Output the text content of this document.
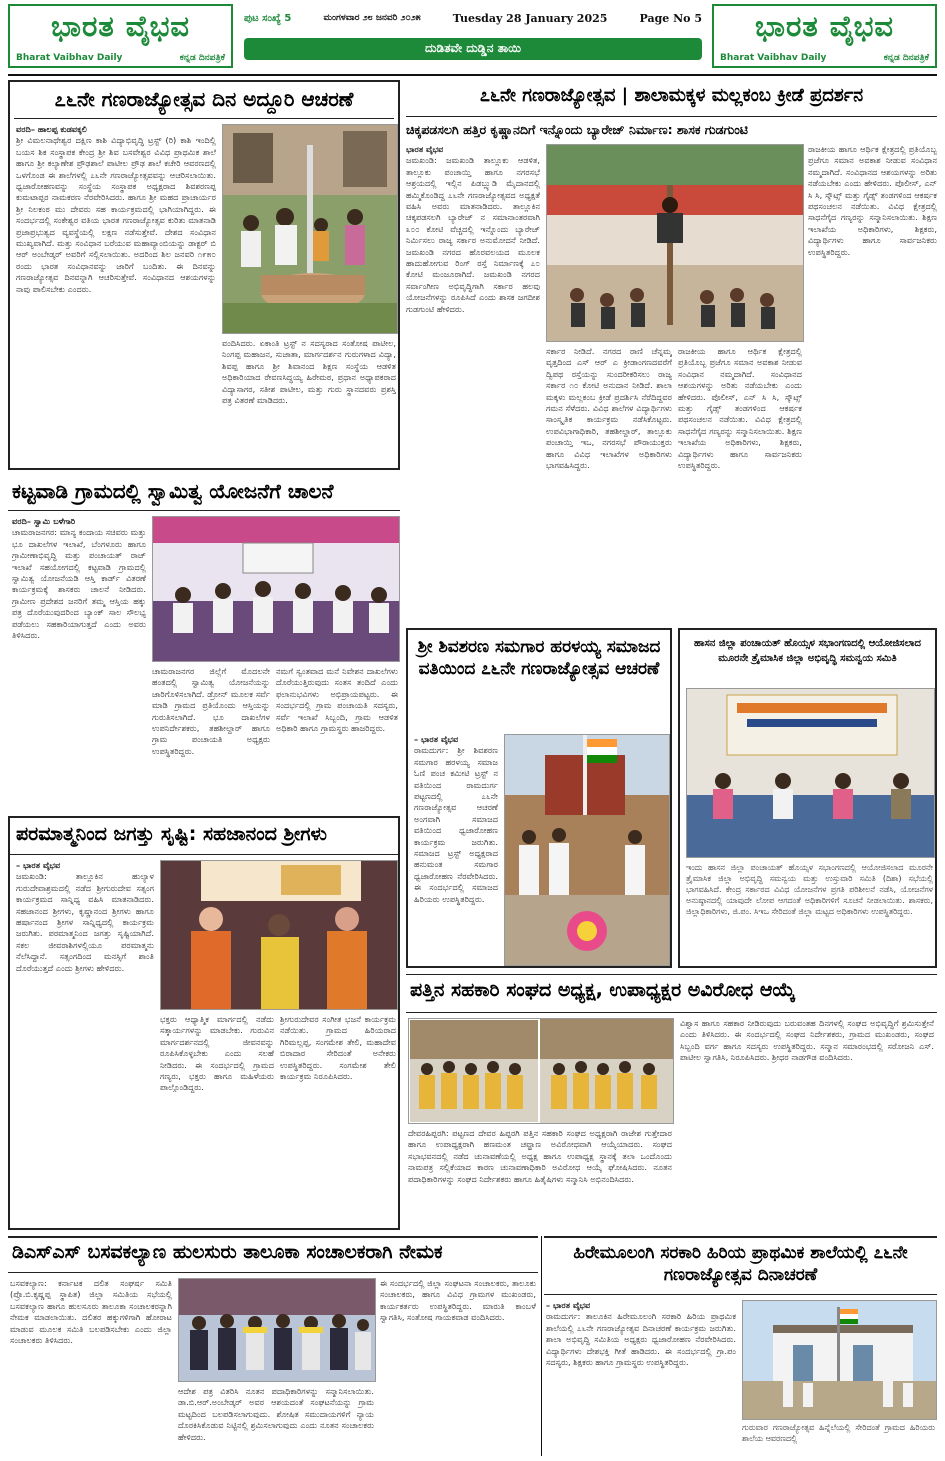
ಭಾರತ ವೈಭವ
Bharat Vaibhav Daily	ಕನ್ನಡ ದಿನಪತ್ರಿಕೆ
ಭಾರತ ವೈಭವ
Bharat Vaibhav Daily	ಕನ್ನಡ ದಿನಪತ್ರಿಕೆ
ಪುಟ ಸಂಖ್ಯೆ 5	ಮಂಗಳವಾರ ೨೮ ಜನವರಿ ೨೦೨೫	Tuesday 28 January 2025	Page No 5
ದುಡಿತವೇ ದುಡ್ಡಿನ ತಾಯಿ
೭೬ನೇ ಗಣರಾಜ್ಯೋತ್ಸವ ದಿನ ಅದ್ದೂರಿ ಆಚರಣೆ
ವರದಿ– ಹಾಲಪ್ಪ ಕುಡವಕ್ಕಲಿ
ಶ್ರೀ ವಿಮಲನಾಥೇಶ್ವರ ದಕ್ಷಿಣ ಕಾಶಿ ವಿದ್ಯಾಭಿವೃದ್ಧಿ ಟ್ರಸ್ಟ್ (ರಿ) ಕಾಶಿ ಇಂದಿಲ್ಲಿ ಬಯಸ ಶಿಕ ಸಂಸ್ಥಾಪಕ ಕೇಂದ್ರ ಶ್ರೀ ಶಿವ ಬಸವೇಶ್ವರ ವಿವಿಧ ಪ್ರಾಥಮಿಕ ಶಾಲೆ ಹಾಗೂ ಶ್ರೀ ಕಲ್ಯಾಣೇಶ ಪ್ರೌಢಶಾಲೆ ಪಾಟೀಲ ಪ್ರೌಢ ಶಾಲೆ ಕಚೇರಿ ಆವರಣದಲ್ಲಿ ಒಳಗೊಂಡ ಈ ಶಾಲೆಗಳಲ್ಲಿ ೭೬ನೇ ಗಣರಾಜ್ಯೋತ್ಸವವನ್ನು ಆಚರಿಸಲಾಯಿತು. ಧ್ವಜಾರೋಹಣವನ್ನು ಸಂಸ್ಥೆಯ ಸಂಸ್ಥಾಪಕ ಅಧ್ಯಕ್ಷರಾದ ಶಿವಶರಣಪ್ಪ ಕುಮಟಾಪ್ಪರ ನಾಮಕರಣ ನೆರವೇರಿಸಿದರು. ಹಾಗೂ ಶ್ರೀ ಮಹದ ಪ್ರಾಚಾರ್ಯರ ಶ್ರೀ ನಿಲಕಂಠ ಮು ದೇವರು ಸಹ ಕಾರ್ಯಕ್ರಮದಲ್ಲಿ ಭಾಗಿಯಾಗಿದ್ದರು. ಈ ಸಂದರ್ಭದಲ್ಲಿ ಸಂಕೇಶ್ವರ ವತಿಯ ಭಾರತ ಗಣರಾಜ್ಯೋತ್ಸವ ಕುರಿತು ಮಾತನಾಡಿ ಪ್ರಜಾಪ್ರಭುತ್ವದ ವ್ಯವಸ್ಥೆಯಲ್ಲಿ ಲಕ್ಷಣ ನಡೆಸುತ್ತೇವೆ. ದೇಶದ ಸಂವಿಧಾನ ಮುಖ್ಯವಾಗಿದೆ. ಮತ್ತು ಸಂವಿಧಾನ ಬರೆಯುವ ಮಹಾವ್ಯಾಂಬಿಯನ್ನು ಡಾಕ್ಟರ್ ಬಿ ಆರ್ ಅಂಬೇಡ್ಕರ್ ಅವರಿಗೆ ಸಲ್ಲಿಸಲಾಯಿತು. ಅದರಿಂದ ಶಿಲ ಜನವರಿ ೧೯೫೦ ರಂದು ಭಾರತ ಸಂವಿಧಾನವನ್ನು ಜಾರಿಗೆ ಬಂದಿತು. ಈ ದಿನವನ್ನು ಗಣರಾಜ್ಯೋತ್ಸವ ದಿನವನ್ನಾಗಿ ಆಚರಿಸುತ್ತೇವೆ. ಸಂವಿಧಾನದ ಆಶಯಗಳನ್ನು ನಾವು ಪಾಲಿಸಬೇಕು ಎಂದರು.
ವಂದಿಸಿದರು. ಏಕಾಂತಿ ಟ್ರಸ್ಟ್ ನ ಸದಸ್ಯರಾದ ಸಂತೋಷ ಪಾಟೀಲ, ನಿಂಗಪ್ಪ ಮಹಾಜನ, ಸುಜಾತಾ, ಮಾರ್ಗದರ್ಶನ ಗುರುಗಳಾದ ವಿದ್ಯಾ, ಶಿವಪ್ಪ ಹಾಗೂ ಶ್ರೀ ಶಿವಾನಂದ ಶಿಕ್ಷಣ ಸಂಸ್ಥೆಯ ಆಡಳಿತ ಅಧಿಕಾರಿಯಾದ ರೇವಣಸಿದ್ಧಯ್ಯ ಹಿರೇಮಠ, ಪ್ರಧಾನ ಅಧ್ಯಾಪಕರಾದ ವಿದ್ಯಾಸಾಗರ, ಸತೀಶ ಪಾಟೀಲ, ಮತ್ತು ಗುರು ಸ್ಥಾನದವರು ಪ್ರಶಸ್ತಿ ಪತ್ರ ವಿತರಣೆ ಮಾಡಿದರು.
೭೬ನೇ ಗಣರಾಜ್ಯೋತ್ಸವ | ಶಾಲಾಮಕ್ಕಳ ಮಲ್ಲಕಂಬ ಕ್ರೀಡೆ ಪ್ರದರ್ಶನ
ಚಿಕ್ಕಪಡಸಲಗಿ ಹತ್ತಿರ ಕೃಷ್ಣಾನದಿಗೆ ಇನ್ನೊಂದು ಬ್ಯಾರೇಜ್ ನಿರ್ಮಾಣ: ಶಾಸಕ ಗುಡಗುಂಟಿ
ಭಾರತ ವೈಭವ
ಜಮಖಂಡಿ: ಜಮಖಂಡಿ ತಾಲ್ಲೂಕು ಆಡಳಿತ, ತಾಲ್ಲೂಕು ಪಂಚಾಯ್ತಿ ಹಾಗೂ ನಗರಸಭೆ ಆಶ್ರಯದಲ್ಲಿ ಇಲ್ಲಿನ ಪಿಡಬ್ಲ್ಯುಡಿ ಮೈದಾನದಲ್ಲಿ ಹಮ್ಮಿಕೊಂಡಿದ್ದ ೭೬ನೇ ಗಣರಾಜ್ಯೋತ್ಸವದ ಅಧ್ಯಕ್ಷತೆ ವಹಿಸಿ ಅವರು ಮಾತನಾಡಿದರು. ತಾಲ್ಲೂಕಿನ ಚಿಕ್ಕಪಡಸಲಗಿ ಬ್ಯಾರೇಜ್ ನ ಸಮಾನಾಂತರವಾಗಿ ೩೦೦ ಕೋಟಿ ವೆಚ್ಚದಲ್ಲಿ ಇನ್ನೊಂದು ಬ್ಯಾರೇಜ್ ನಿರ್ಮಿಸಲು ರಾಜ್ಯ ಸರ್ಕಾರ ಅನುಮೋದನೆ ನೀಡಿದೆ. ಜಮಖಂಡಿ ನಗರದ ಹೊರವಲಯದ ಮೂಲಕ ಹಾದುಹೋಗುವ ರಿಂಗ್ ರಸ್ತೆ ನಿರ್ಮಾಣಕ್ಕೆ ೭೦ ಕೋಟಿ ಮಂಜೂರಾಗಿದೆ. ಜಮಖಂಡಿ ನಗರದ ಸರ್ವಾಂಗೀಣ ಅಭಿವೃದ್ಧಿಗಾಗಿ ಸರ್ಕಾರ ಹಲವು ಯೋಜನೆಗಳನ್ನು ರೂಪಿಸಿದೆ ಎಂದು ಶಾಸಕ ಜಗದೀಶ ಗುಡಗುಂಟಿ ಹೇಳಿದರು.
ಸರ್ಕಾರ ನೀಡಿದೆ. ನಗರದ ರಾಣಿ ಚೆನ್ನಮ್ಮ ವೃತ್ತದಿಂದ ಎಸ್ ಆರ್ ಎ ಕ್ರೀಡಾಂಗಣದವರೆಗೆ ದ್ವಿಪಥ ರಸ್ತೆಯನ್ನು ಸುಂದರೀಕರಿಸಲು ರಾಜ್ಯ ಸರ್ಕಾರ ೧೦ ಕೋಟಿ ಅನುದಾನ ನೀಡಿದೆ. ಶಾಲಾ ಮಕ್ಕಳು ಮಲ್ಲಕಂಬ ಕ್ರೀಡೆ ಪ್ರದರ್ಶಿಸಿ ನೆರೆದಿದ್ದವರ ಗಮನ ಸೆಳೆದರು. ವಿವಿಧ ಶಾಲೆಗಳ ವಿದ್ಯಾರ್ಥಿಗಳು ಸಾಂಸ್ಕೃತಿಕ ಕಾರ್ಯಕ್ರಮ ನಡೆಸಿಕೊಟ್ಟರು. ಉಪವಿಭಾಗಾಧಿಕಾರಿ, ತಹಶೀಲ್ದಾರ್, ತಾಲ್ಲೂಕು ಪಂಚಾಯ್ತಿ ಇಒ, ನಗರಸಭೆ ಪೌರಾಯುಕ್ತರು ಹಾಗೂ ವಿವಿಧ ಇಲಾಖೆಗಳ ಅಧಿಕಾರಿಗಳು ಭಾಗವಹಿಸಿದ್ದರು.
ರಾಜಕೀಯ ಹಾಗೂ ಆರ್ಥಿಕ ಕ್ಷೇತ್ರದಲ್ಲಿ ಪ್ರತಿಯೊಬ್ಬ ಪ್ರಜೆಗೂ ಸಮಾನ ಅವಕಾಶ ನೀಡುವ ಸಂವಿಧಾನ ನಮ್ಮದಾಗಿದೆ. ಸಂವಿಧಾನದ ಆಶಯಗಳನ್ನು ಅರಿತು ನಡೆಯಬೇಕು ಎಂದು ಹೇಳಿದರು. ಪೊಲೀಸ್, ಎನ್ ಸಿ ಸಿ, ಸ್ಕೌಟ್ಸ್ ಮತ್ತು ಗೈಡ್ಸ್ ತಂಡಗಳಿಂದ ಆಕರ್ಷಕ ಪಥಸಂಚಲನ ನಡೆಯಿತು. ವಿವಿಧ ಕ್ಷೇತ್ರದಲ್ಲಿ ಸಾಧನೆಗೈದ ಗಣ್ಯರನ್ನು ಸನ್ಮಾನಿಸಲಾಯಿತು. ಶಿಕ್ಷಣ ಇಲಾಖೆಯ ಅಧಿಕಾರಿಗಳು, ಶಿಕ್ಷಕರು, ವಿದ್ಯಾರ್ಥಿಗಳು ಹಾಗೂ ಸಾರ್ವಜನಿಕರು ಉಪಸ್ಥಿತರಿದ್ದರು.
ರಾಜಕೀಯ ಹಾಗೂ ಆರ್ಥಿಕ ಕ್ಷೇತ್ರದಲ್ಲಿ ಪ್ರತಿಯೊಬ್ಬ ಪ್ರಜೆಗೂ ಸಮಾನ ಅವಕಾಶ ನೀಡುವ ಸಂವಿಧಾನ ನಮ್ಮದಾಗಿದೆ. ಸಂವಿಧಾನದ ಆಶಯಗಳನ್ನು ಅರಿತು ನಡೆಯಬೇಕು ಎಂದು ಹೇಳಿದರು. ಪೊಲೀಸ್, ಎನ್ ಸಿ ಸಿ, ಸ್ಕೌಟ್ಸ್ ಮತ್ತು ಗೈಡ್ಸ್ ತಂಡಗಳಿಂದ ಆಕರ್ಷಕ ಪಥಸಂಚಲನ ನಡೆಯಿತು. ವಿವಿಧ ಕ್ಷೇತ್ರದಲ್ಲಿ ಸಾಧನೆಗೈದ ಗಣ್ಯರನ್ನು ಸನ್ಮಾನಿಸಲಾಯಿತು. ಶಿಕ್ಷಣ ಇಲಾಖೆಯ ಅಧಿಕಾರಿಗಳು, ಶಿಕ್ಷಕರು, ವಿದ್ಯಾರ್ಥಿಗಳು ಹಾಗೂ ಸಾರ್ವಜನಿಕರು ಉಪಸ್ಥಿತರಿದ್ದರು.
ಕಟ್ಟವಾಡಿ ಗ್ರಾಮದಲ್ಲಿ ಸ್ವಾಮಿತ್ವ ಯೋಜನೆಗೆ ಚಾಲನೆ
ವರದಿ– ಸ್ವಾಮಿ ಬಳೆಗಾರಿ
ಚಾಮರಾಜನಗರ: ಮಾನ್ಯ ಕಂದಾಯ ಸಚಿವರು ಮತ್ತು ಭೂ ದಾಖಲೆಗಳ ಇಲಾಖೆ, ಬೆಂಗಳೂರು ಹಾಗೂ ಗ್ರಾಮೀಣಾಭಿವೃದ್ಧಿ ಮತ್ತು ಪಂಚಾಯತ್ ರಾಜ್ ಇಲಾಖೆ ಸಹಯೋಗದಲ್ಲಿ ಕಟ್ಟವಾಡಿ ಗ್ರಾಮದಲ್ಲಿ ಸ್ವಾಮಿತ್ವ ಯೋಜನೆಯಡಿ ಆಸ್ತಿ ಕಾರ್ಡ್ ವಿತರಣೆ ಕಾರ್ಯಕ್ರಮಕ್ಕೆ ಶಾಸಕರು ಚಾಲನೆ ನೀಡಿದರು. ಗ್ರಾಮೀಣ ಪ್ರದೇಶದ ಜನರಿಗೆ ತಮ್ಮ ಆಸ್ತಿಯ ಹಕ್ಕು ಪತ್ರ ದೊರೆಯುವುದರಿಂದ ಬ್ಯಾಂಕ್ ಸಾಲ ಸೌಲಭ್ಯ ಪಡೆಯಲು ಸಹಕಾರಿಯಾಗುತ್ತದೆ ಎಂದು ಅವರು ತಿಳಿಸಿದರು.
ಚಾಮರಾಜನಗರ ಜಿಲ್ಲೆಗೆ ಮೊದಲನೇ ಹಂತದಲ್ಲಿ ಸ್ವಾಮಿತ್ವ ಯೋಜನೆಯನ್ನು ಜಾರಿಗೊಳಿಸಲಾಗಿದೆ. ಡ್ರೋನ್ ಮೂಲಕ ಸರ್ವೆ ಮಾಡಿ ಗ್ರಾಮದ ಪ್ರತಿಯೊಂದು ಆಸ್ತಿಯನ್ನು ಗುರುತಿಸಲಾಗಿದೆ. ಭೂ ದಾಖಲೆಗಳ ಉಪನಿರ್ದೇಶಕರು, ತಹಶೀಲ್ದಾರ್ ಹಾಗೂ ಗ್ರಾಮ ಪಂಚಾಯತಿ ಅಧ್ಯಕ್ಷರು ಉಪಸ್ಥಿತರಿದ್ದರು.
ನಮಗೆ ಸ್ವಂತವಾದ ಮನೆ ನಿವೇಶನ ದಾಖಲೆಗಳು ದೊರೆಯುತ್ತಿರುವುದು ಸಂತಸ ತಂದಿದೆ ಎಂದು ಫಲಾನುಭವಿಗಳು ಅಭಿಪ್ರಾಯಪಟ್ಟರು. ಈ ಸಂದರ್ಭದಲ್ಲಿ ಗ್ರಾಮ ಪಂಚಾಯತಿ ಸದಸ್ಯರು, ಸರ್ವೆ ಇಲಾಖೆ ಸಿಬ್ಬಂದಿ, ಗ್ರಾಮ ಆಡಳಿತ ಅಧಿಕಾರಿ ಹಾಗೂ ಗ್ರಾಮಸ್ಥರು ಹಾಜರಿದ್ದರು.
ಪರಮಾತ್ಮನಿಂದ ಜಗತ್ತು ಸೃಷ್ಟಿ: ಸಹಜಾನಂದ ಶ್ರೀಗಳು
– ಭಾರತ ವೈಭವ
ಜಮಖಂಡಿ: ತಾಲ್ಲೂಕಿನ ಹುಲ್ಯಾಳ ಗುರುದೇವಾಶ್ರಮದಲ್ಲಿ ನಡೆದ ಶ್ರೀಗುರುದೇವ ಸತ್ಸಂಗ ಕಾರ್ಯಕ್ರಮದ ಸಾನ್ನಿಧ್ಯ ವಹಿಸಿ ಮಾತನಾಡಿದರು. ಸಹಜಾನಂದ ಶ್ರೀಗಳು, ಕೃಷ್ಣಾನಂದ ಶ್ರೀಗಳು ಹಾಗೂ ಹರ್ಷಾನಂದ ಶ್ರೀಗಳ ಸಾನ್ನಿಧ್ಯದಲ್ಲಿ ಕಾರ್ಯಕ್ರಮ ಜರುಗಿತು. ಪರಮಾತ್ಮನಿಂದ ಜಗತ್ತು ಸೃಷ್ಟಿಯಾಗಿದೆ. ಸಕಲ ಜೀವರಾಶಿಗಳಲ್ಲಿಯೂ ಪರಮಾತ್ಮನು ನೆಲೆಸಿದ್ದಾನೆ. ಸತ್ಸಂಗದಿಂದ ಮನಸ್ಸಿಗೆ ಶಾಂತಿ ದೊರೆಯುತ್ತದೆ ಎಂದು ಶ್ರೀಗಳು ಹೇಳಿದರು.
ಭಕ್ತರು ಆಧ್ಯಾತ್ಮಿಕ ಮಾರ್ಗದಲ್ಲಿ ನಡೆದು ಸತ್ಕಾರ್ಯಗಳನ್ನು ಮಾಡಬೇಕು. ಗುರುವಿನ ಮಾರ್ಗದರ್ಶನದಲ್ಲಿ ಜೀವನವನ್ನು ರೂಪಿಸಿಕೊಳ್ಳಬೇಕು ಎಂದು ಸಲಹೆ ನೀಡಿದರು. ಈ ಸಂದರ್ಭದಲ್ಲಿ ಗ್ರಾಮದ ಗಣ್ಯರು, ಭಕ್ತರು ಹಾಗೂ ಮಹಿಳೆಯರು ಪಾಲ್ಗೊಂಡಿದ್ದರು.
ಶ್ರೀಗುರುದೇವರ ಸಂಗೀತ ಭಜನೆ ಕಾರ್ಯಕ್ರಮ ನಡೆಯಿತು. ಗ್ರಾಮದ ಹಿರಿಯರಾದ ಗಿರಿಮಲ್ಲಪ್ಪ, ಸಂಗಮೇಶ ತೇಲಿ, ಮಹಾದೇವ ಬಿರಾದಾರ ಸೇರಿದಂತೆ ಅನೇಕರು ಉಪಸ್ಥಿತರಿದ್ದರು. ಸಂಗಮೇಶ ತೇಲಿ ಕಾರ್ಯಕ್ರಮ ನಿರೂಪಿಸಿದರು.
ಶ್ರೀ ಶಿವಶರಣ ಸಮಗಾರ ಹರಳಯ್ಯ ಸಮಾಜದ ವತಿಯಿಂದ ೭೬ನೇ ಗಣರಾಜ್ಯೋತ್ಸವ ಆಚರಣೆ
– ಭಾರತ ವೈಭವ
ರಾಮದುರ್ಗ: ಶ್ರೀ ಶಿವಶರಣ ಸಮಗಾರ ಹರಳಯ್ಯ ಸಮಾಜ ಓಣಿ ಪಂಚ ಕಮೀಟಿ ಟ್ರಸ್ಟ್ ನ ವತಿಯಿಂದ ರಾಮದುರ್ಗ ಪಟ್ಟಣದಲ್ಲಿ ೭೬ನೇ ಗಣರಾಜ್ಯೋತ್ಸವ ಆಚರಣೆ ಅಂಗವಾಗಿ ಸಮಾಜದ ವತಿಯಿಂದ ಧ್ವಜಾರೋಹಣ ಕಾರ್ಯಕ್ರಮ ಜರುಗಿತು. ಸಮಾಜದ ಟ್ರಸ್ಟ್ ಅಧ್ಯಕ್ಷರಾದ ಹನುಮಂತ ಸಮಗಾರ ಧ್ವಜಾರೋಹಣ ನೆರವೇರಿಸಿದರು. ಈ ಸಂದರ್ಭದಲ್ಲಿ ಸಮಾಜದ ಹಿರಿಯರು ಉಪಸ್ಥಿತರಿದ್ದರು.
ಹಾಸನ ಜಿಲ್ಲಾ ಪಂಚಾಯತ್ ಹೊಯ್ಸಳ ಸಭಾಂಗಣದಲ್ಲಿ ಆಯೋಜಿಸಲಾದ ಮೂರನೇ ತ್ರೈಮಾಸಿಕ ಜಿಲ್ಲಾ ಅಭಿವೃದ್ಧಿ ಸಮನ್ವಯ ಸಮಿತಿ
ಇಂದು ಹಾಸನ ಜಿಲ್ಲಾ ಪಂಚಾಯತ್ ಹೊಯ್ಸಳ ಸಭಾಂಗಣದಲ್ಲಿ ಆಯೋಜಿಸಲಾದ ಮೂರನೇ ತ್ರೈಮಾಸಿಕ ಜಿಲ್ಲಾ ಅಭಿವೃದ್ಧಿ ಸಮನ್ವಯ ಮತ್ತು ಉಸ್ತುವಾರಿ ಸಮಿತಿ (ದಿಶಾ) ಸಭೆಯಲ್ಲಿ ಭಾಗವಹಿಸಿದೆ. ಕೇಂದ್ರ ಸರ್ಕಾರದ ವಿವಿಧ ಯೋಜನೆಗಳ ಪ್ರಗತಿ ಪರಿಶೀಲನೆ ನಡೆಸಿ, ಯೋಜನೆಗಳ ಅನುಷ್ಠಾನದಲ್ಲಿ ಯಾವುದೇ ಲೋಪ ಆಗದಂತೆ ಅಧಿಕಾರಿಗಳಿಗೆ ಸೂಚನೆ ನೀಡಲಾಯಿತು. ಶಾಸಕರು, ಜಿಲ್ಲಾಧಿಕಾರಿಗಳು, ಜಿ.ಪಂ. ಸಿಇಒ ಸೇರಿದಂತೆ ಜಿಲ್ಲಾ ಮಟ್ಟದ ಅಧಿಕಾರಿಗಳು ಉಪಸ್ಥಿತರಿದ್ದರು.
ಪತ್ತಿನ ಸಹಕಾರಿ ಸಂಘದ ಅಧ್ಯಕ್ಷ, ಉಪಾಧ್ಯಕ್ಷರ ಅವಿರೋಧ ಆಯ್ಕೆ
ದೇವರಹಿಪ್ಪರಗಿ: ಪಟ್ಟಣದ ದೇವರ ಹಿಪ್ಪರಗಿ ಪತ್ತಿನ ಸಹಕಾರಿ ಸಂಘದ ಅಧ್ಯಕ್ಷರಾಗಿ ರಾಜೇಶ ಗುತ್ತೇದಾರ ಹಾಗೂ ಉಪಾಧ್ಯಕ್ಷರಾಗಿ ಹಣಮಂತ ಚವ್ಹಾಣ ಅವಿರೋಧವಾಗಿ ಆಯ್ಕೆಯಾದರು. ಸಂಘದ ಸಭಾಭವನದಲ್ಲಿ ನಡೆದ ಚುನಾವಣೆಯಲ್ಲಿ ಅಧ್ಯಕ್ಷ ಹಾಗೂ ಉಪಾಧ್ಯಕ್ಷ ಸ್ಥಾನಕ್ಕೆ ತಲಾ ಒಂದೊಂದು ನಾಮಪತ್ರ ಸಲ್ಲಿಕೆಯಾದ ಕಾರಣ ಚುನಾವಣಾಧಿಕಾರಿ ಅವಿರೋಧ ಆಯ್ಕೆ ಘೋಷಿಸಿದರು. ನೂತನ ಪದಾಧಿಕಾರಿಗಳನ್ನು ಸಂಘದ ನಿರ್ದೇಶಕರು ಹಾಗೂ ಹಿತೈಷಿಗಳು ಸನ್ಮಾನಿಸಿ ಅಭಿನಂದಿಸಿದರು.
ವಿಶ್ವಾಸ ಹಾಗೂ ಸಹಕಾರ ನೀಡಿರುವುದು ಬರುವಂತಹ ದಿನಗಳಲ್ಲಿ ಸಂಘದ ಅಭಿವೃದ್ಧಿಗೆ ಶ್ರಮಿಸುತ್ತೇನೆ ಎಂದು ತಿಳಿಸಿದರು. ಈ ಸಂದರ್ಭದಲ್ಲಿ ಸಂಘದ ನಿರ್ದೇಶಕರು, ಗ್ರಾಮದ ಮುಖಂಡರು, ಸಂಘದ ಸಿಬ್ಬಂದಿ ವರ್ಗ ಹಾಗೂ ಸದಸ್ಯರು ಉಪಸ್ಥಿತರಿದ್ದರು. ಸನ್ಮಾನ ಸಮಾರಂಭದಲ್ಲಿ ಸರೋಜನಿ ಎಸ್. ಪಾಟೀಲ ಸ್ವಾಗತಿಸಿ, ನಿರೂಪಿಸಿದರು. ಶ್ರೀಧರ ನಾಡಗೌಡ ವಂದಿಸಿದರು.
ಡಿಎಸ್ಎಸ್ ಬಸವಕಲ್ಯಾಣ ಹುಲಸುರು ತಾಲೂಕಾ ಸಂಚಾಲಕರಾಗಿ ನೇಮಕ
ಬಸವಕಲ್ಯಾಣ: ಕರ್ನಾಟಕ ದಲಿತ ಸಂಘರ್ಷ ಸಮಿತಿ (ಪ್ರೊ.ಬಿ.ಕೃಷ್ಣಪ್ಪ ಸ್ಥಾಪಿತ) ಜಿಲ್ಲಾ ಸಮಿತಿಯ ಸಭೆಯಲ್ಲಿ ಬಸವಕಲ್ಯಾಣ ಹಾಗೂ ಹುಲಸೂರು ತಾಲೂಕಾ ಸಂಚಾಲಕರನ್ನಾಗಿ ನೇಮಕ ಮಾಡಲಾಯಿತು. ದಲಿತರ ಹಕ್ಕುಗಳಿಗಾಗಿ ಹೋರಾಟ ಮಾಡುವ ಮೂಲಕ ಸಮಿತಿ ಬಲಪಡಿಸಬೇಕು ಎಂದು ಜಿಲ್ಲಾ ಸಂಚಾಲಕರು ತಿಳಿಸಿದರು.
ಆದೇಶ ಪತ್ರ ವಿತರಿಸಿ ನೂತನ ಪದಾಧಿಕಾರಿಗಳನ್ನು ಸನ್ಮಾನಿಸಲಾಯಿತು. ಡಾ.ಬಿ.ಆರ್.ಅಂಬೇಡ್ಕರ್ ಅವರ ಆಶಯದಂತೆ ಸಂಘಟನೆಯನ್ನು ಗ್ರಾಮ ಮಟ್ಟದಿಂದ ಬಲಪಡಿಸಲಾಗುವುದು. ಶೋಷಿತ ಸಮುದಾಯಗಳಿಗೆ ನ್ಯಾಯ ದೊರಕಿಸಿಕೊಡುವ ನಿಟ್ಟಿನಲ್ಲಿ ಶ್ರಮಿಸಲಾಗುವುದು ಎಂದು ನೂತನ ಸಂಚಾಲಕರು ಹೇಳಿದರು.
ಈ ಸಂದರ್ಭದಲ್ಲಿ ಜಿಲ್ಲಾ ಸಂಘಟನಾ ಸಂಚಾಲಕರು, ತಾಲೂಕು ಸಂಚಾಲಕರು, ಹಾಗೂ ವಿವಿಧ ಗ್ರಾಮಗಳ ಮುಖಂಡರು, ಕಾರ್ಯಕರ್ತರು ಉಪಸ್ಥಿತರಿದ್ದರು. ಮಾರುತಿ ಕಾಂಬಳೆ ಸ್ವಾಗತಿಸಿ, ಸಂತೋಷ ಗಾಯಕವಾಡ ವಂದಿಸಿದರು.
ಹಿರೇಮೂಲಂಗಿ ಸರಕಾರಿ ಹಿರಿಯ ಪ್ರಾಥಮಿಕ ಶಾಲೆಯಲ್ಲಿ ೭೬ನೇ ಗಣರಾಜ್ಯೋತ್ಸವ ದಿನಾಚರಣೆ
– ಭಾರತ ವೈಭವ
ರಾಮದುರ್ಗ: ತಾಲೂಕಿನ ಹಿರೇಮೂಲಂಗಿ ಸರಕಾರಿ ಹಿರಿಯ ಪ್ರಾಥಮಿಕ ಶಾಲೆಯಲ್ಲಿ ೭೬ನೇ ಗಣರಾಜ್ಯೋತ್ಸವ ದಿನಾಚರಣೆ ಕಾರ್ಯಕ್ರಮ ಜರುಗಿತು. ಶಾಲಾ ಅಭಿವೃದ್ಧಿ ಸಮಿತಿಯ ಅಧ್ಯಕ್ಷರು ಧ್ವಜಾರೋಹಣ ನೆರವೇರಿಸಿದರು. ವಿದ್ಯಾರ್ಥಿಗಳು ದೇಶಭಕ್ತಿ ಗೀತೆ ಹಾಡಿದರು. ಈ ಸಂದರ್ಭದಲ್ಲಿ ಗ್ರಾ.ಪಂ ಸದಸ್ಯರು, ಶಿಕ್ಷಕರು ಹಾಗೂ ಗ್ರಾಮಸ್ಥರು ಉಪಸ್ಥಿತರಿದ್ದರು.
ಗುರುವಾರ ಗಣರಾಜ್ಯೋತ್ಸವ ಹಿನ್ನೆಲೆಯಲ್ಲಿ ಸೇರಿದಂತೆ ಗ್ರಾಮದ ಹಿರಿಯರು ಶಾಲೆಯ ಆವರಣದಲ್ಲಿ
